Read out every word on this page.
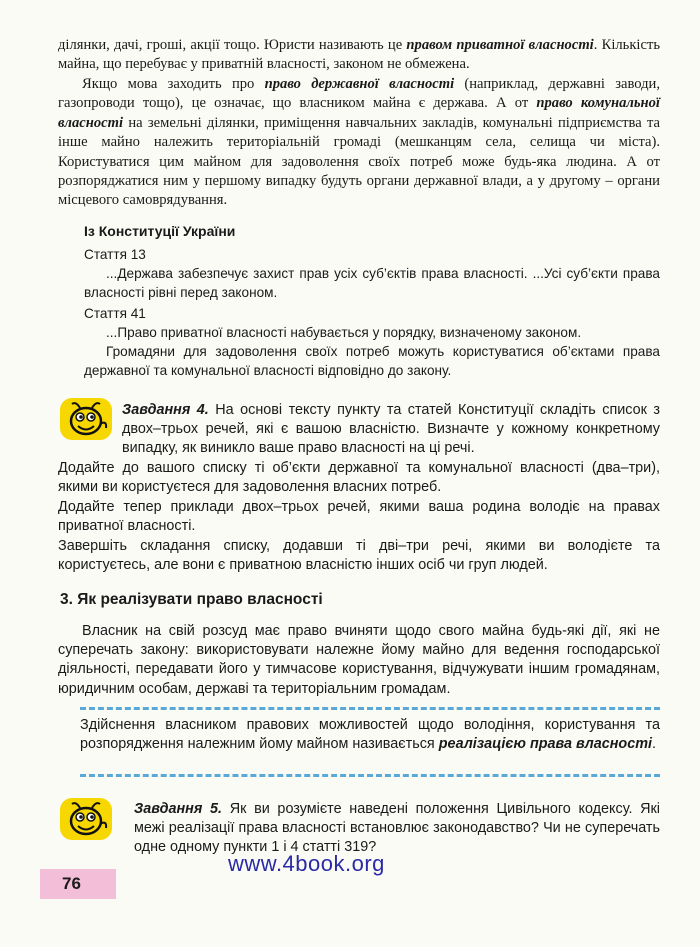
ділянки, дачі, гроші, акції тощо. Юристи називають це правом приватної власності. Кількість майна, що перебуває у приватній власності, законом не обмежена.

Якщо мова заходить про право державної власності (наприклад, державні заводи, газопроводи тощо), це означає, що власником майна є держава. А от право комунальної власності на земельні ділянки, приміщення навчальних закладів, комунальні підприємства та інше майно належить територіальній громаді (мешканцям села, селища чи міста). Користуватися цим майном для задоволення своїх потреб може будь-яка людина. А от розпоряджатися ним у першому випадку будуть органи державної влади, а у другому – органи місцевого самоврядування.

Із Конституції України

Стаття 13

...Держава забезпечує захист прав усіх суб’єктів права власності. ...Усі суб’єкти права власності рівні перед законом.

Стаття 41

...Право приватної власності набувається у порядку, визначеному законом.

Громадяни для задоволення своїх потреб можуть користуватися об’єктами права державної та комунальної власності відповідно до закону.

Завдання 4. На основі тексту пункту та статей Конституції складіть список з двох–трьох речей, які є вашою власністю. Визначте у кожному конкретному випадку, як виникло ваше право власності на ці речі.

Додайте до вашого списку ті об’єкти державної та комунальної власності (два–три), якими ви користуєтеся для задоволення власних потреб.

Додайте тепер приклади двох–трьох речей, якими ваша родина володіє на правах приватної власності.

Завершіть складання списку, додавши ті дві–три речі, якими ви володієте та користуєтесь, але вони є приватною власністю інших осіб чи груп людей.

3. Як реалізувати право власності

Власник на свій розсуд має право вчиняти щодо свого майна будь-які дії, які не суперечать закону: використовувати належне йому майно для ведення господарської діяльності, передавати його у тимчасове користування, відчужувати іншим громадянам, юридичним особам, державі та територіальним громадам.

Здійснення власником правових можливостей щодо володіння, користування та розпорядження належним йому майном називається реалізацією права власності.

Завдання 5. Як ви розумієте наведені положення Цивільного кодексу. Які межі реалізації права власності встановлює законодавство? Чи не суперечать одне одному пункти 1 і 4 статті 319?

76

www.4book.org
